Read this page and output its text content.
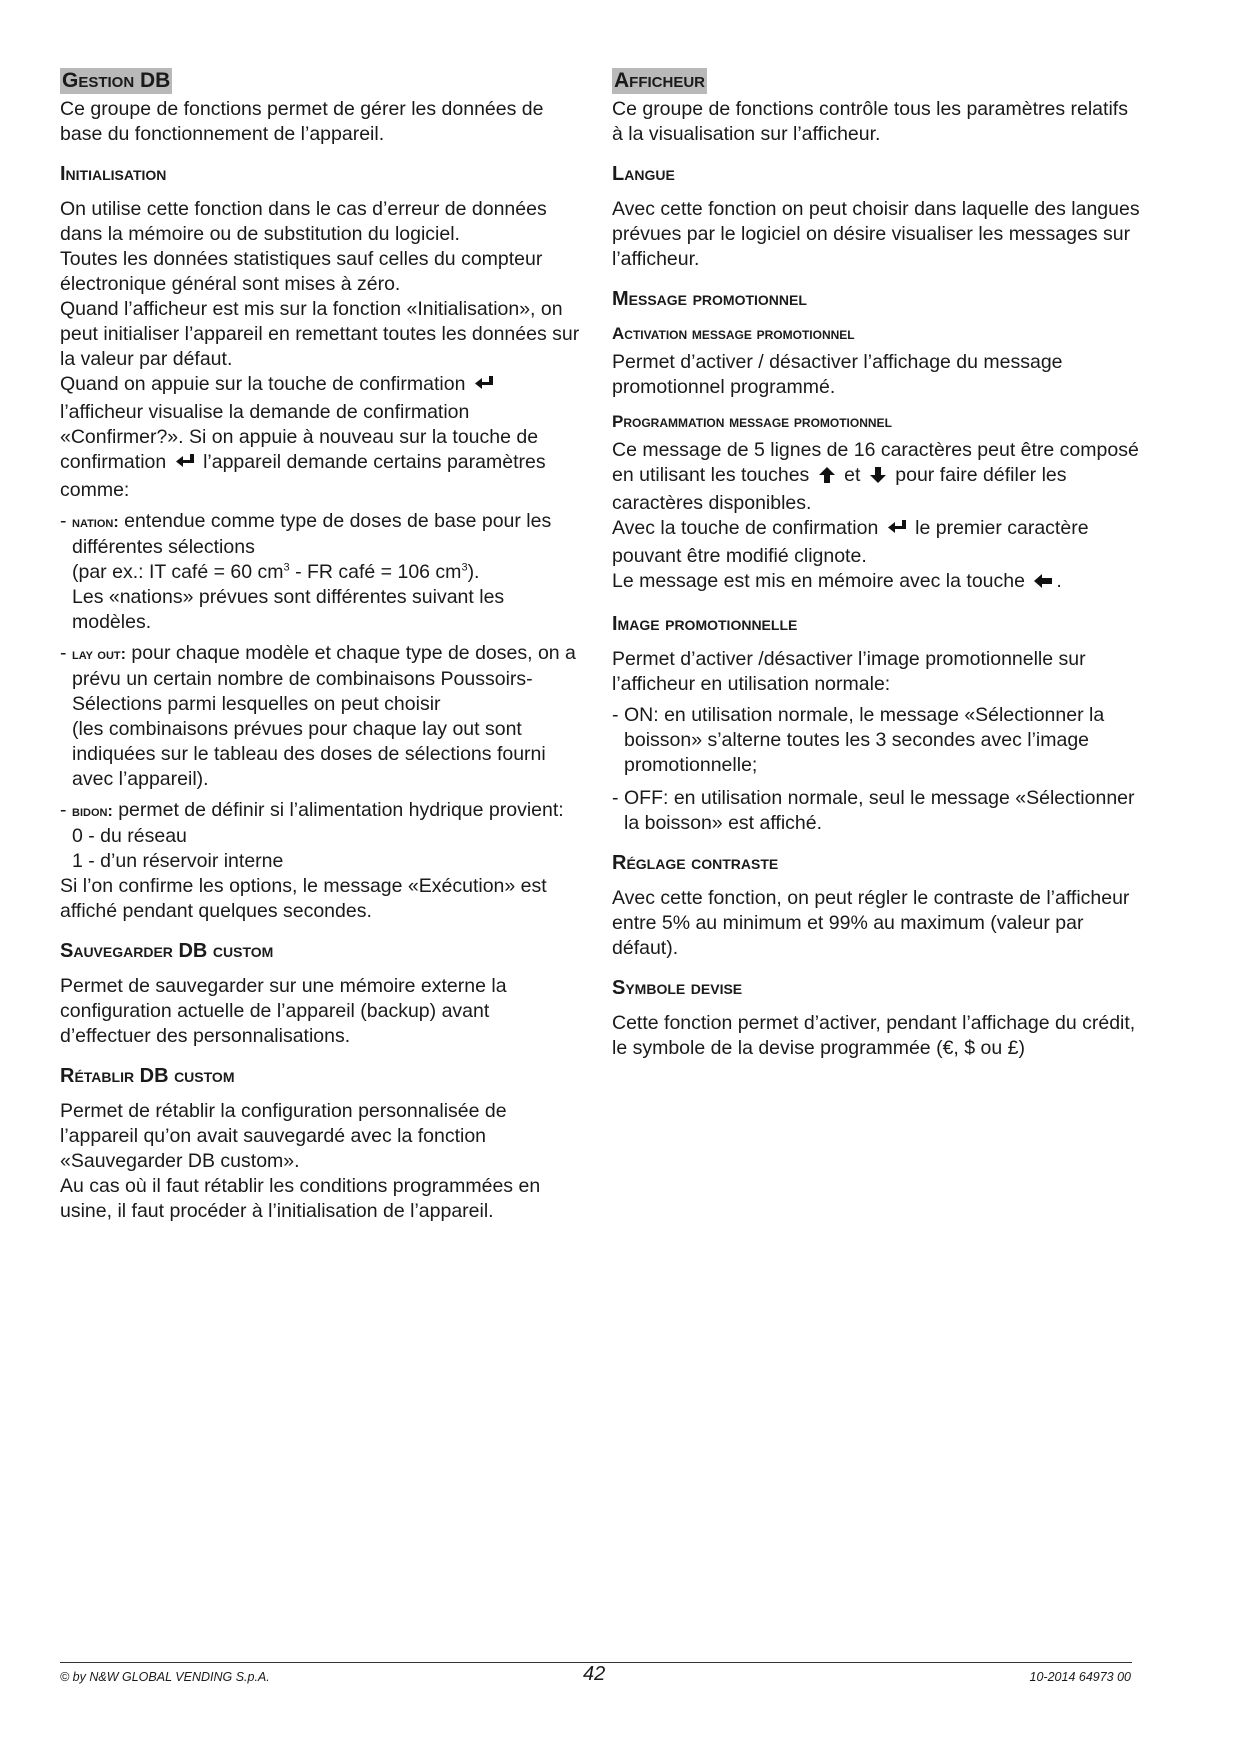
Gestion DB

Ce groupe de fonctions permet de gérer les données de base du fonctionnement de l’appareil.

Initialisation

On utilise cette fonction dans le cas d’erreur de données dans la mémoire ou de substitution du logiciel.

Toutes les données statistiques sauf celles du compteur électronique général sont mises à zéro.

Quand l’afficheur est mis sur la fonction «Initialisation», on peut initialiser l’appareil en remettant toutes les données sur la valeur par défaut.

Quand on appuie sur la touche de confirmation  l’afficheur visualise la demande de confirmation «Confirmer?». Si on appuie à nouveau sur la touche de confirmation l’appareil demande certains paramètres comme:

- nation: entendue comme type de doses de base pour les différentes sélections

(par ex.: IT café = 60 $cm^3$ - FR café = 106 $cm^3$).

Les «nations» prévues sont différentes suivant les modèles.

- lay out: pour chaque modèle et chaque type de doses, on a prévu un certain nombre de combinaisons Poussoirs-Sélections parmi lesquelles on peut choisir

(les combinaisons prévues pour chaque lay out sont indiquées sur le tableau des doses de sélections fourni avec l’appareil).

- bidon: permet de définir si l’alimentation hydrique provient:

0 - du réseau

1 - d’un réservoir interne

Si l’on confirme les options, le message «Exécution» est affiché pendant quelques secondes.

Sauvegarder DB custom

Permet de sauvegarder sur une mémoire externe la configuration actuelle de l’appareil (backup) avant d’effectuer des personnalisations.

Rétablir DB custom

Permet de rétablir la configuration personnalisée de l’appareil qu’on avait sauvegardé avec la fonction «Sauvegarder DB custom».

Au cas où il faut rétablir les conditions programmées en usine, il faut procéder à l’initialisation de l’appareil.

Afficheur

Ce groupe de fonctions contrôle tous les paramètres relatifs à la visualisation sur l’afficheur.

Langue

Avec cette fonction on peut choisir dans laquelle des langues prévues par le logiciel on désire visualiser les messages sur l’afficheur.

Message promotionnel
Activation message promotionnel

Permet d’activer / désactiver l’affichage du message promotionnel programmé.

Programmation message promotionnel

Ce message de 5 lignes de 16 caractères peut être composé en utilisant les touches et pour faire défiler les caractères disponibles.

Avec la touche de confirmation le premier caractère pouvant être modifié clignote.

Le message est mis en mémoire avec la touche .

Image promotionnelle

Permet d’activer /désactiver l’image promotionnelle sur l’afficheur en utilisation normale:

- ON: en utilisation normale, le message «Sélectionner la boisson» s’alterne toutes les 3 secondes avec l’image promotionnelle;

- OFF: en utilisation normale, seul le message «Sélectionner la boisson» est affiché.

Réglage contraste

Avec cette fonction, on peut régler le contraste de l’afficheur entre 5% au minimum et 99% au maximum (valeur par défaut).

Symbole devise

Cette fonction permet d’activer, pendant l’affichage du crédit, le symbole de la devise programmée (€, $ ou £)

© by N&W GLOBAL VENDING S.p.A.	42	10-2014 64973 00
